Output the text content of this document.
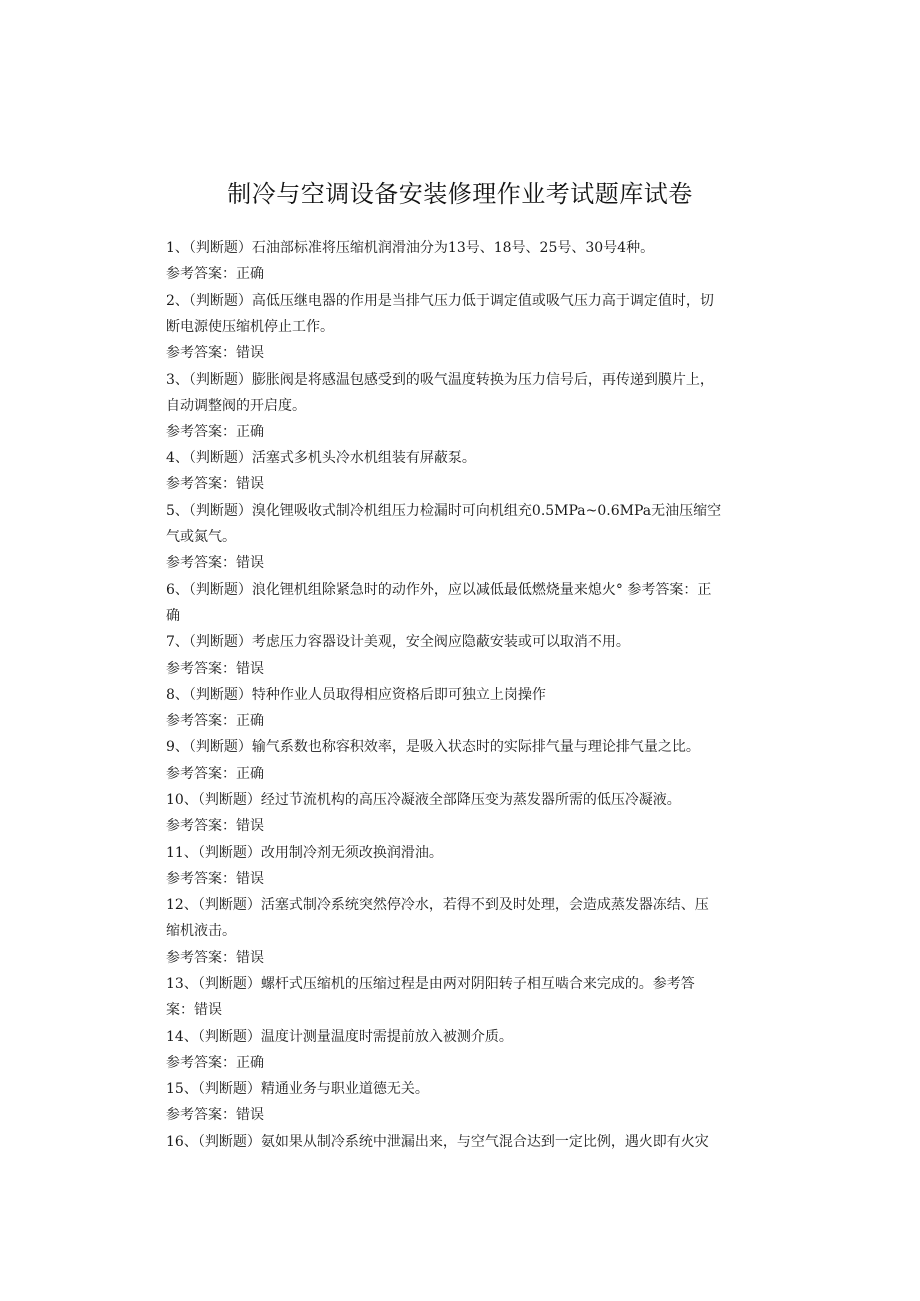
制冷与空调设备安装修理作业考试题库试卷
1、（判断题）石油部标准将压缩机润滑油分为13号、18号、25号、30号4种。
参考答案：正确
2、（判断题）高低压继电器的作用是当排气压力低于调定值或吸气压力高于调定值时，切
断电源使压缩机停止工作。
参考答案：错误
3、（判断题）膨胀阀是将感温包感受到的吸气温度转换为压力信号后，再传递到膜片上，
自动调整阀的开启度。
参考答案：正确
4、（判断题）活塞式多机头冷水机组装有屏蔽泵。
参考答案：错误
5、（判断题）溴化锂吸收式制冷机组压力检漏时可向机组充0.5MPa~0.6MPa无油压缩空
气或氮气。
参考答案：错误
6、（判断题）浪化锂机组除紧急时的动作外，应以减低最低燃烧量来熄火° 参考答案：正
确
7、（判断题）考虑压力容器设计美观，安全阀应隐蔽安装或可以取消不用。
参考答案：错误
8、（判断题）特种作业人员取得相应资格后即可独立上岗操作
参考答案：正确
9、（判断题）输气系数也称容积效率，是吸入状态时的实际排气量与理论排气量之比。
参考答案：正确
10、（判断题）经过节流机构的高压冷凝液全部降压变为蒸发器所需的低压冷凝液。
参考答案：错误
11、（判断题）改用制冷剂无须改换润滑油。
参考答案：错误
12、（判断题）活塞式制冷系统突然停冷水，若得不到及时处理，会造成蒸发器冻结、压
缩机液击。
参考答案：错误
13、（判断题）螺杆式压缩机的压缩过程是由两对阴阳转子相互啮合来完成的。参考答
案：错误
14、（判断题）温度计测量温度时需提前放入被测介质。
参考答案：正确
15、（判断题）精通业务与职业道德无关。
参考答案：错误
16、（判断题）氨如果从制冷系统中泄漏出来，与空气混合达到一定比例，遇火即有火灾
